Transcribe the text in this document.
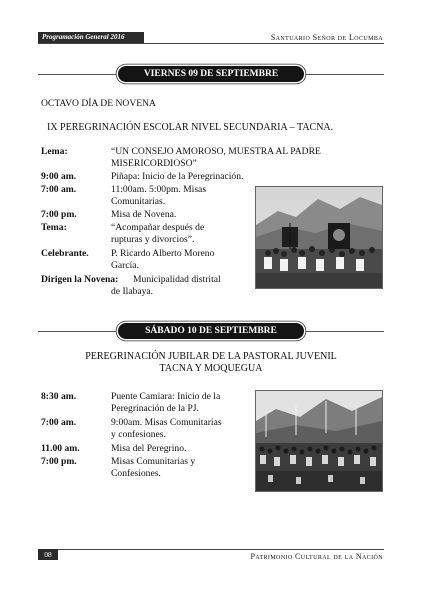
Programación General 2016	Santuario Señor de Locumba
VIERNES 09 DE SEPTIEMBRE
OCTAVO DÍA DE NOVENA
IX PEREGRINACIÓN ESCOLAR NIVEL SECUNDARIA – TACNA.
Lema:	“UN CONSEJO AMOROSO, MUESTRA AL PADRE
MISERICORDIOSO”
9:00 am.	Piñapa: Inicio de la Peregrinación.
7:00 am.	11:00am. 5:00pm. Misas
Comunitarias.
7:00 pm.	Misa de Novena.
Tema:	“Acompañar después de
rupturas y divorcios”.
Celebrante. P. Ricardo Alberto Moreno
García.
Dirigen la Novena: Municipalidad distrital
de Ilabaya.
SÁBADO 10 DE SEPTIEMBRE
PEREGRINACIÓN JUBILAR DE LA PASTORAL JUVENIL
TACNA Y MOQUEGUA
8:30 am.	Puente Camiara: Inicio de la
Peregrinación de la PJ.
7:00 am.	9:00am. Misas Comunitarias
y confesiones.
11.00 am.	Misa del Peregrino.
7:00 pm.	Misas Comunitarias y
Confesiones.
08	Patrimonio Cultural de la Nación
